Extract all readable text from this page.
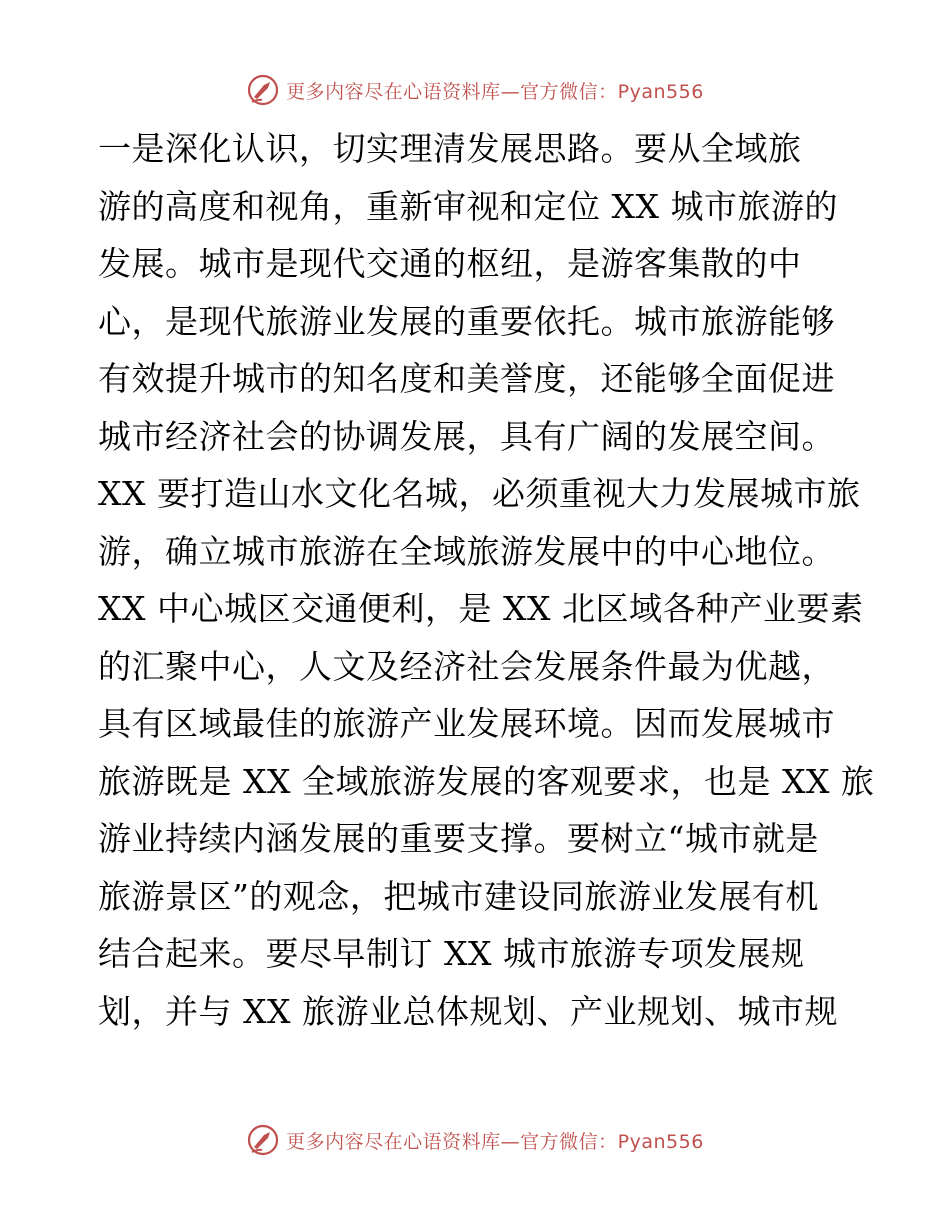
更多内容尽在心语资料库—官方微信：Pyan556
一是深化认识，切实理清发展思路。要从全域旅
游的高度和视角，重新审视和定位 XX 城市旅游的
发展。城市是现代交通的枢纽，是游客集散的中
心，是现代旅游业发展的重要依托。城市旅游能够
有效提升城市的知名度和美誉度，还能够全面促进
城市经济社会的协调发展，具有广阔的发展空间。
XX 要打造山水文化名城，必须重视大力发展城市旅
游，确立城市旅游在全域旅游发展中的中心地位。
XX 中心城区交通便利，是 XX 北区域各种产业要素
的汇聚中心，人文及经济社会发展条件最为优越，
具有区域最佳的旅游产业发展环境。因而发展城市
旅游既是 XX 全域旅游发展的客观要求，也是 XX 旅
游业持续内涵发展的重要支撑。要树立“城市就是
旅游景区”的观念，把城市建设同旅游业发展有机
结合起来。要尽早制订 XX 城市旅游专项发展规
划，并与 XX 旅游业总体规划、产业规划、城市规
更多内容尽在心语资料库—官方微信：Pyan556
